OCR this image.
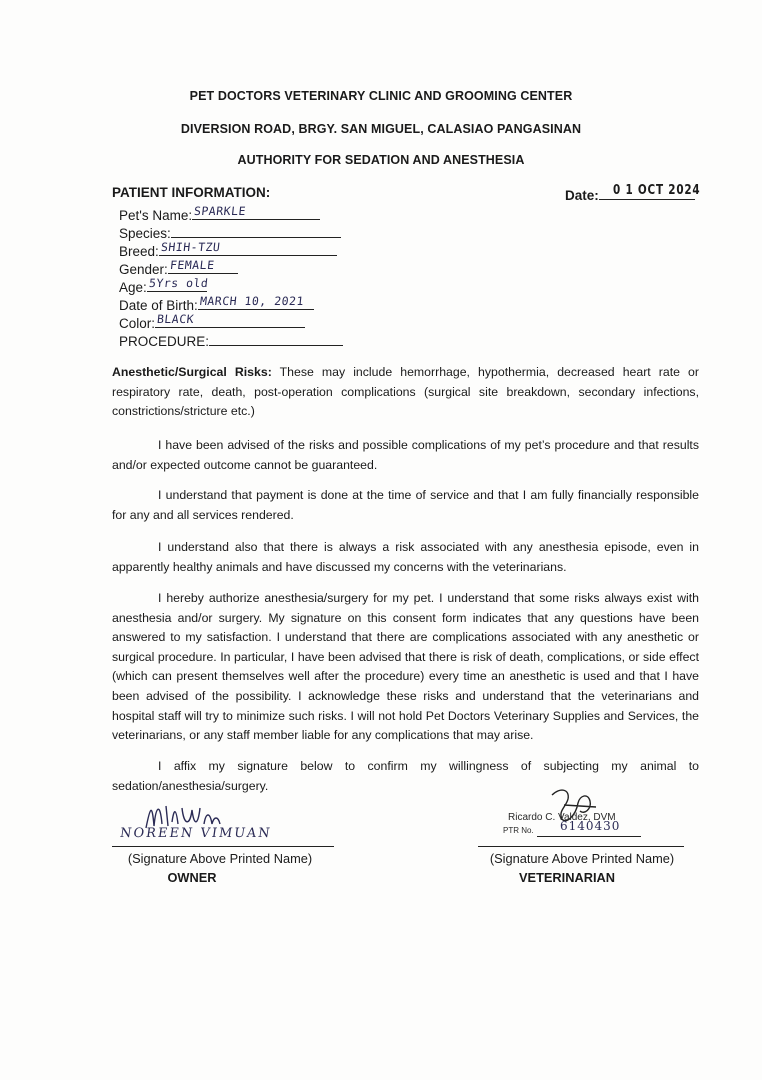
PET DOCTORS VETERINARY CLINIC AND GROOMING CENTER
DIVERSION ROAD, BRGY. SAN MIGUEL, CALASIAO PANGASINAN
AUTHORITY FOR SEDATION AND ANESTHESIA
PATIENT INFORMATION:	Date: 0 1 OCT 2024
Pet's Name: SPARKLE
Species:
Breed: SHIH-TZU
Gender: FEMALE
Age: 5Yrs old
Date of Birth: MARCH 10, 2021
Color: BLACK
PROCEDURE:
Anesthetic/Surgical Risks: These may include hemorrhage, hypothermia, decreased heart rate or respiratory rate, death, post-operation complications (surgical site breakdown, secondary infections, constrictions/stricture etc.)
I have been advised of the risks and possible complications of my pet’s procedure and that results and/or expected outcome cannot be guaranteed.
I understand that payment is done at the time of service and that I am fully financially responsible for any and all services rendered.
I understand also that there is always a risk associated with any anesthesia episode, even in apparently healthy animals and have discussed my concerns with the veterinarians.
I hereby authorize anesthesia/surgery for my pet. I understand that some risks always exist with anesthesia and/or surgery. My signature on this consent form indicates that any questions have been answered to my satisfaction. I understand that there are complications associated with any anesthetic or surgical procedure. In particular, I have been advised that there is risk of death, complications, or side effect (which can present themselves well after the procedure) every time an anesthetic is used and that I have been advised of the possibility. I acknowledge these risks and understand that the veterinarians and hospital staff will try to minimize such risks. I will not hold Pet Doctors Veterinary Supplies and Services, the veterinarians, or any staff member liable for any complications that may arise.
I affix my signature below to confirm my willingness of subjecting my animal to sedation/anesthesia/surgery.
NOREEN VIMUAN
(Signature Above Printed Name)
OWNER
Ricardo C. Valdez, DVM
PTR No. 6140430
(Signature Above Printed Name)
VETERINARIAN
